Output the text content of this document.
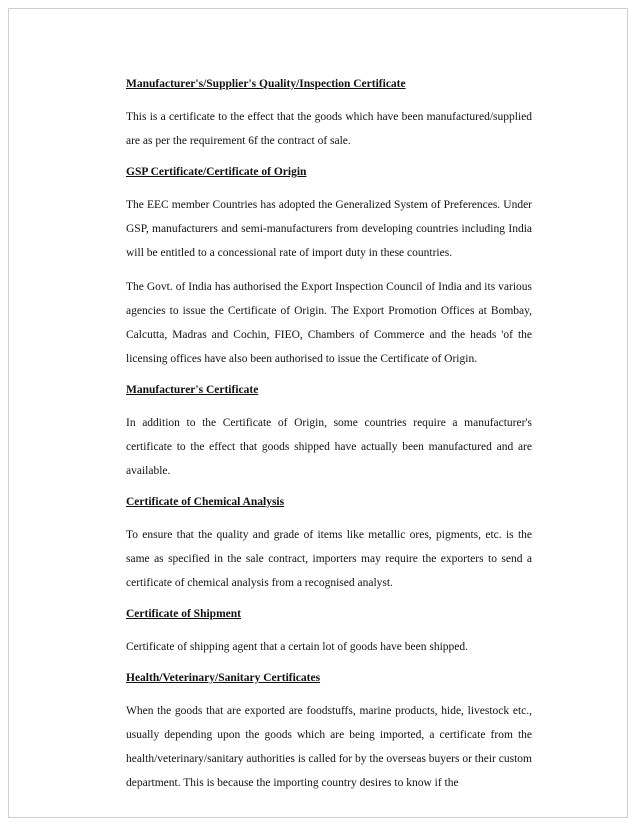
Manufacturer's/Supplier's Quality/Inspection Certificate

This is a certificate to the effect that the goods which have been manufactured/supplied are as per the requirement 6f the contract of sale.

GSP Certificate/Certificate of Origin

The EEC member Countries has adopted the Generalized System of Preferences. Under GSP, manufacturers and semi-manufacturers from developing countries including India will be entitled to a concessional rate of import duty in these countries.

The Govt. of India has authorised the Export Inspection Council of India and its various agencies to issue the Certificate of Origin. The Export Promotion Offices at Bombay, Calcutta, Madras and Cochin, FIEO, Chambers of Commerce and the heads 'of the licensing offices have also been authorised to issue the Certificate of Origin.

Manufacturer's Certificate

In addition to the Certificate of Origin, some countries require a manufacturer's certificate to the effect that goods shipped have actually been manufactured and are available.

Certificate of Chemical Analysis

To ensure that the quality and grade of items like metallic ores, pigments, etc. is the same as specified in the sale contract, importers may require the exporters to send a certificate of chemical analysis from a recognised analyst.

Certificate of Shipment

Certificate of shipping agent that a certain lot of goods have been shipped.

Health/Veterinary/Sanitary Certificates

When the goods that are exported are foodstuffs, marine products, hide, livestock etc., usually depending upon the goods which are being imported, a certificate from the health/veterinary/sanitary authorities is called for by the overseas buyers or their custom department. This is because the importing country desires to know if the
